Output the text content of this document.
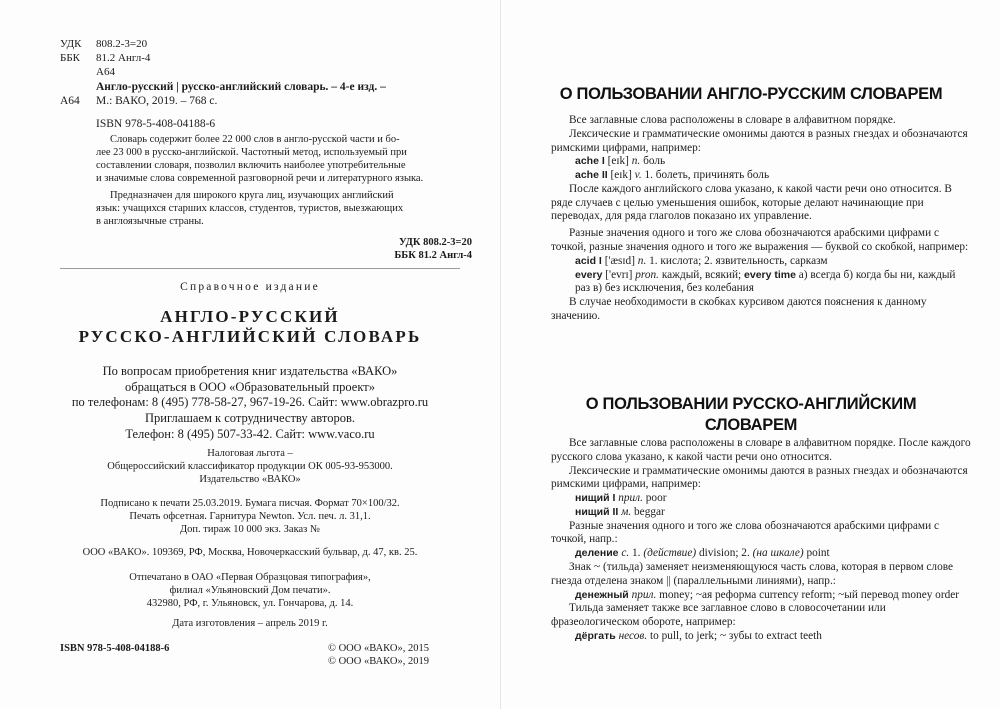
УДК	808.2-3=20
ББК	81.2 Англ-4
А64
А64
Англо-русский | русско-английский словарь. – 4-е изд. –
М.: ВАКО, 2019. – 768 с.
ISBN 978-5-408-04188-6
Словарь содержит более 22 000 слов в англо-русской части и бо-
лее 23 000 в русско-английской. Частотный метод, используемый при
составлении словаря, позволил включить наиболее употребительные
и значимые слова современной разговорной речи и литературного языка.
Предназначен для широкого круга лиц, изучающих английский
язык: учащихся старших классов, студентов, туристов, выезжающих
в англоязычные страны.
УДК 808.2-3=20
ББК 81.2 Англ-4
Справочное издание
АНГЛО-РУССКИЙ
РУССКО-АНГЛИЙСКИЙ СЛОВАРЬ
По вопросам приобретения книг издательства «ВАКО»
обращаться в ООО «Образовательный проект»
по телефонам: 8 (495) 778-58-27, 967-19-26. Сайт: www.obrazpro.ru
Приглашаем к сотрудничеству авторов.
Телефон: 8 (495) 507-33-42. Сайт: www.vaco.ru
Налоговая льгота –
Общероссийский классификатор продукции ОК 005-93-953000.
Издательство «ВАКО»
Подписано к печати 25.03.2019. Бумага писчая. Формат 70×100/32.
Печать офсетная. Гарнитура Newton. Усл. печ. л. 31,1.
Доп. тираж 10 000 экз. Заказ №
ООО «ВАКО». 109369, РФ, Москва, Новочеркасский бульвар, д. 47, кв. 25.
Отпечатано в ОАО «Первая Образцовая типография»,
филиал «Ульяновский Дом печати».
432980, РФ, г. Ульяновск, ул. Гончарова, д. 14.
Дата изготовления – апрель 2019 г.
ISBN 978-5-408-04188-6	© ООО «ВАКО», 2015
© ООО «ВАКО», 2019
О ПОЛЬЗОВАНИИ АНГЛО-РУССКИМ СЛОВАРЕМ

Все заглавные слова расположены в словаре в алфавитном порядке.

Лексические и грамматические омонимы даются в разных гнездах и обозначаются римскими цифрами, например:

ache I [eɪk] n. боль

ache II [eɪk] v. 1. болеть, причинять боль

После каждого английского слова указано, к какой части речи оно относится. В ряде случаев с целью уменьшения ошибок, которые делают начинающие при переводах, для ряда глаголов показано их управление.

Разные значения одного и того же слова обозначаются арабскими цифрами с точкой, разные значения одного и того же выражения — буквой со скобкой, например:

acid I ['æsɪd] n. 1. кислота; 2. язвительность, сарказм

every ['evrɪ] pron. каждый, всякий; every time а) всегда б) когда бы ни, каждый раз в) без исключения, без колебания

В случае необходимости в скобках курсивом даются пояснения к данному значению.

О ПОЛЬЗОВАНИИ РУССКО-АНГЛИЙСКИМ
СЛОВАРЕМ

Все заглавные слова расположены в словаре в алфавитном порядке. После каждого русского слова указано, к какой части речи оно относится.

Лексические и грамматические омонимы даются в разных гнездах и обозначаются римскими цифрами, например:

нищий I прил. poor

нищий II м. beggar

Разные значения одного и того же слова обозначаются арабскими цифрами с точкой, напр.:

деление с. 1. (действие) division; 2. (на шкале) point

Знак ~ (тильда) заменяет неизменяющуюся часть слова, которая в первом слове гнезда отделена знаком || (параллельными линиями), напр.:

денежный прил. money; ~ая реформа currency reform; ~ый перевод money order

Тильда заменяет также все заглавное слово в словосочетании или фразеологическом обороте, например:

дёргать несов. to pull, to jerk; ~ зубы to extract teeth
